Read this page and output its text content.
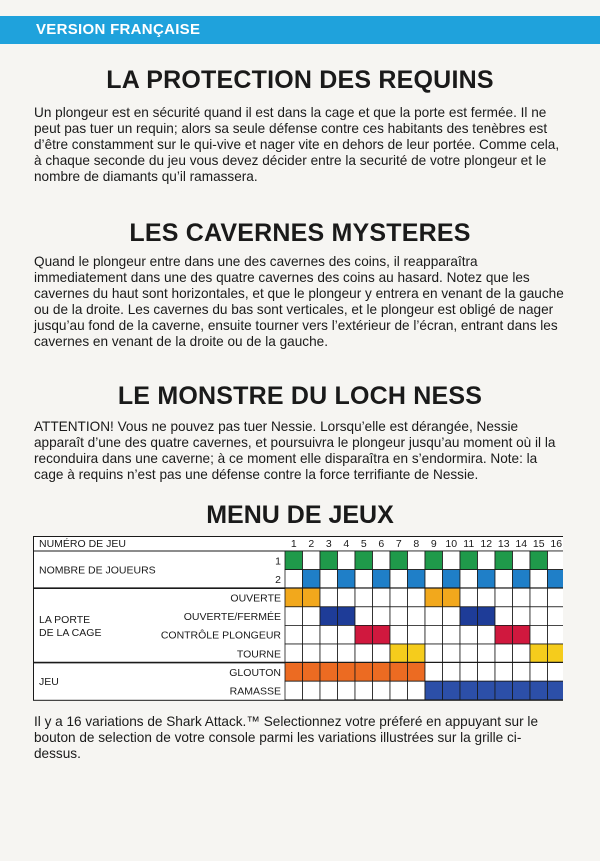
VERSION FRANÇAISE
LA PROTECTION DES REQUINS
Un plongeur est en sécurité quand il est dans la cage et que la porte est fermée. Il ne peut pas tuer un requin; alors sa seule défense contre ces habitants des tenèbres est d’être constamment sur le qui-vive et nager vite en dehors de leur portée. Comme cela, à chaque seconde du jeu vous devez décider entre la securité de votre plongeur et le nombre de diamants qu’il ramassera.
LES CAVERNES MYSTERES
Quand le plongeur entre dans une des cavernes des coins, il reapparaîtra immediatement dans une des quatre cavernes des coins au hasard. Notez que les cavernes du haut sont horizontales, et que le plongeur y entrera en venant de la gauche ou de la droite. Les cavernes du bas sont verticales, et le plongeur est obligé de nager jusqu’au fond de la caverne, ensuite tourner vers l’extérieur de l’écran, entrant dans les cavernes en venant de la droite ou de la gauche.
LE MONSTRE DU LOCH NESS
ATTENTION! Vous ne pouvez pas tuer Nessie. Lorsqu’elle est dérangée, Nessie apparaît d’une des quatre cavernes, et poursuivra le plongeur jusqu’au moment où il la reconduira dans une caverne; à ce moment elle disparaîtra en s’endormira. Note: la cage à requins n’est pas une défense contre la force terrifiante de Nessie.
MENU DE JEUX
NUMÉRO DE JEU	1 2 3 4 5 6 7 8 9 10 11 12 13 14 15 16
NOMBRE DE JOUEURS
1
2
LA PORTE
DE LA CAGE
OUVERTE
OUVERTE/FERMÉE
CONTRÔLE PLONGEUR
TOURNE
JEU
GLOUTON
RAMASSE
Il y a 16 variations de Shark Attack.™ Selectionnez votre préferé en appuyant sur le bouton de selection de votre console parmi les variations illustrées sur la grille ci-dessus.
